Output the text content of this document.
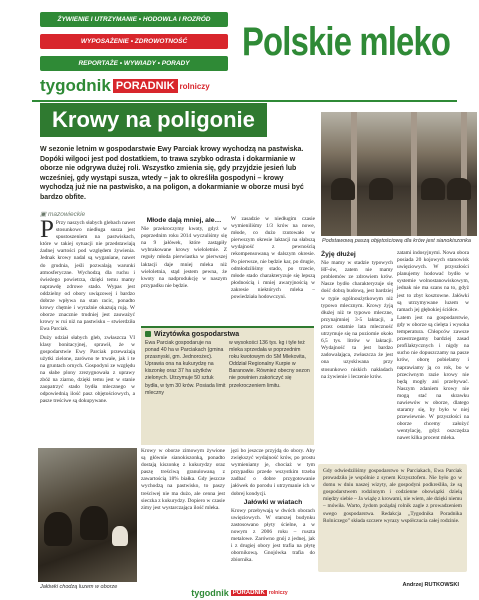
ŻYWIENIE I UTRZYMANIE • HODOWLA I ROZRÓD
WYPOSAŻENIE • ZDROWOTNOŚĆ
REPORTAŻE • WYWIADY • PORADY
tygodnik PORADNIK rolniczy
Polskie mleko
Krowy na poligonie
Podstawową paszą objętościową dla krów jest sianokiszonka
W sezonie letnim w gospodarstwie Ewy Parciak krowy wychodzą na pastwiska. Dopóki wilgoci jest pod dostatkiem, to trawa szybko odrasta i dokarmianie w oborze nie odgrywa dużej roli. Wszystko zmienia się, gdy przyjdzie jesień lub wcześniej, gdy wystąpi susza, wtedy – jak to określiła gospodyni – krowy wychodzą już nie na pastwisko, a na poligon, a dokarmianie w oborze musi być bardzo obfite.
▣ mazowieckie

P Przy naszych słabych glebach nawet stosunkowo niedługa susza jest spustoszeniem na pastwiskach, które w takiej sytuacji nie przedstawiają żadnej wartości pod względem żywienia. Jednak krowy nadal są wyganiane, nawet do grudnia, jeśli pozwalają warunki atmosferyczne. Wychodzą dla ruchu i świeżego powietrza, dzięki temu mamy naprawdę zdrowe stado. Wypas jest oddzielny od obory uwiązowej i bardzo dobrze wpływa na stan racic, ponadto krowy chętnie i wyraźnie okazują rują. W oborze znacznie trudniej jest zauważyć krowy w rui niż na pastwisku – stwierdziła Ewa Parciak.

Duży udział słabych gleb, zwłaszcza VI klasy bonitacyjnej, sprawił, że w gospodarstwie Ewy Parciak przeważają użytki zielone, zarówno te trwałe, jak i te na gruntach ornych. Gospodyni ze względu na słabe plony zrezygnowała z uprawy zbóż na ziarno, dzięki temu jest w stanie zaopatrzyć stado bydła mlecznego w odpowiednią ilość pasz objętościowych, a pasze treściwe są dokupywane.

Młode dają mniej, ale…

Nie przekroczymy kwoty, gdyż w poprzednim roku 2014 wyczuliśmy się na 9 jałówek, które zastąpiły wybrakowane krowy wieloletnie. Z reguły młoda pierwiastka w pierwszej laktacji daje mniej mleka niż wieloletnia, stąd jestem pewna, że kwoty na nadprodukcję w naszym przypadku nie będzie.

W zasadzie w niedługim czasie wymieniliśmy 1/3 krów na nowe, młode, co dużo rzutowało w pierwszym okresie laktacji na słabszą wydajność z pewnością rekompensowaną w dalszym okresie. Po pierwsze, nie będzie kar, po drugie, odmłodziliśmy stado, po trzecie, młode stado charakteryzuje się lepszą płodnością i mniej awaryjnością w zakresie niektórych mleka – powiedziała hodowczyni.

Żyję dłużej

Nie mamy w stadzie typowych HF-ów, zatem nie mamy problemów ze zdrowiem krów. Nasze bydło charakteryzuje się dość dobrą budową, jest bardziej w typie ogólnoużytkowym niż typowo mlecznym. Krowy żyją dłużej niż te typowo mleczne, przynajmniej 3-5 laktacji, a przez ostatnie lata mleczność utrzymuje się na poziomie około 6,5 tys. litrów w laktacji. Wydajność ta jest bardzo zadowalająca, zwłaszcza że jest ona uzyskiwana przy stosunkowo niskich nakładach na żywienie i leczenie krów.

zatami indosyjnymi. Nowa obora posiada 20 kojowych stanowisk uwięziowych. W przyszłości planujemy hodować bydło w systemie wolnostanowiskowym, jednak nie ma szans na to, gdyż jest to zbyt kosztowne. Jałówki są utrzymywane luzem w ramach jej głębokiej ściółce.

Latem jest na gospodarstwie, gdy w oborze są cielęta i wysoka temperatura. Chłopców zawsze przestrzegamy bardziej zasad profilaktycznych i nigdy na sucho nie dopuszczamy na pasze krów, oborę pobielamy i naprawiamy ją co rok, bo w przeciwnym razie krowy nie będą mogły ani przebywać. Naszym zdaniem krowy nie mogą stać na skrawku nawiewów w oborze, dlatego staramy się, by było w niej przewiewnie. W przyszłości na oborze chcemy założyć wentylację, gdyż oszczędza nawet kilka procent mleka.

Wizytówka gospodarstwa
Ewa Parciak gospodaruje na ponad 40 ha w Parciakach (gmina przasnyski, gm. Jednorożec). Uprawia ona na kukurydzę na kiszonkę oraz 37 ha użytków zielonych. Utrzymuje 50 sztuk bydła, w tym 30 krów. Posiada limit mleczny
w wysokości 136 tys. kg i tyle też mleka sprzedała w poprzednim roku kwotowym do SM Mlekovita, Oddział Regionalny Kurpie w Baranowie. Również obecny sezon nie powinien zakończyć się przekroczeniem limitu.
Jałówki chodzą luzem w oborze

Krowy w oborze zimowym żywione są głównie sianokiszonką, ponadto dostają kiszonkę z kukurydzy oraz paszę treściwą granulowaną z zawartością 18% białka. Gdy jeszcze wychodzą na pastwisko, to paszy treściwej nie ma dużo, ale cenna jest sieczka z kukurydzy. Dopiero w czasie zimy jest wystarczająca ilość mleka.

jęzi bo jeszcze przyjdą do obory. Aby zwiększyć wydajność krów, po prostu wymieniamy je, chociaż w tym przypadku przede wszystkim trzeba zadbać o dobre przygotowanie jałówek do porodu i utrzymanie ich w dobrej kondycji.

Jałówki w wiatach

Krowy przebywają w dwóch oborach uwięziowych. W starszej budynku zastosowano płyty ścielne, a w nowym z 2006 roku – ruszta metalowe. Zarówno gnój z jednej, jak i z drugiej obory jest trafia na płytę obornikową. Gnojówka trafia do zbiornika.

Gdy odwiedziliśmy gospodarstwo w Parciakach, Ewa Parciak prowadziła je wspólnie z synem Krzysztofem. Nie było go w domu w dniu naszej wizyty, ale gospodyni podkreśliła, że są gospodarstwem rodzinnym i codzienne obowiązki dzielą między siebie – Ja wiążę z krowami, nie wiem, ale dzięki niemu – mówiła. Warto, żydom pożądaj rolnik zagle z prowadzeniem swego gospodarstwa. Redakcja „Tygodnika Poradnika Rolniczego” składa szczere wyrazy współczucia całej rodzinie.
Andrzej RUTKOWSKI
tygodnik PORADNIK rolniczy
